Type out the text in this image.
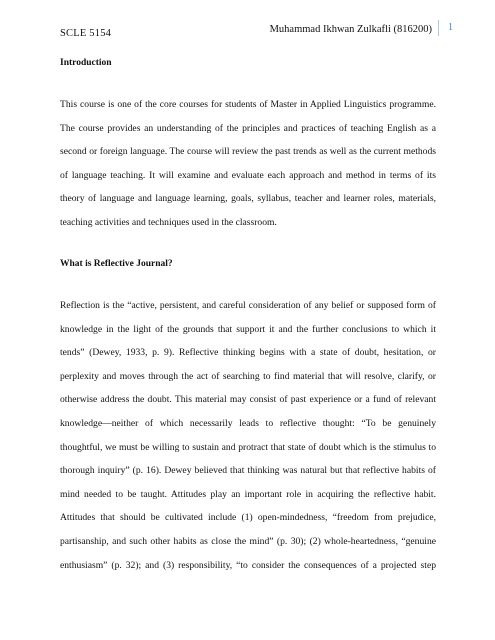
SCLE 5154	Muhammad Ikhwan Zulkafli (816200)	1
Introduction

This course is one of the core courses for students of Master in Applied Linguistics programme.
The course provides an understanding of the principles and practices of teaching English as a
second or foreign language. The course will review the past trends as well as the current methods
of language teaching. It will examine and evaluate each approach and method in terms of its
theory of language and language learning, goals, syllabus, teacher and learner roles, materials,
teaching activities and techniques used in the classroom.

What is Reflective Journal?

Reflection is the “active, persistent, and careful consideration of any belief or supposed form of
knowledge in the light of the grounds that support it and the further conclusions to which it
tends” (Dewey, 1933, p. 9). Reflective thinking begins with a state of doubt, hesitation, or
perplexity and moves through the act of searching to find material that will resolve, clarify, or
otherwise address the doubt. This material may consist of past experience or a fund of relevant
knowledge—neither of which necessarily leads to reflective thought: “To be genuinely
thoughtful, we must be willing to sustain and protract that state of doubt which is the stimulus to
thorough inquiry” (p. 16). Dewey believed that thinking was natural but that reflective habits of
mind needed to be taught. Attitudes play an important role in acquiring the reflective habit.
Attitudes that should be cultivated include (1) open-mindedness, “freedom from prejudice,
partisanship, and such other habits as close the mind” (p. 30); (2) whole-heartedness, “genuine
enthusiasm” (p. 32); and (3) responsibility, “to consider the consequences of a projected step
